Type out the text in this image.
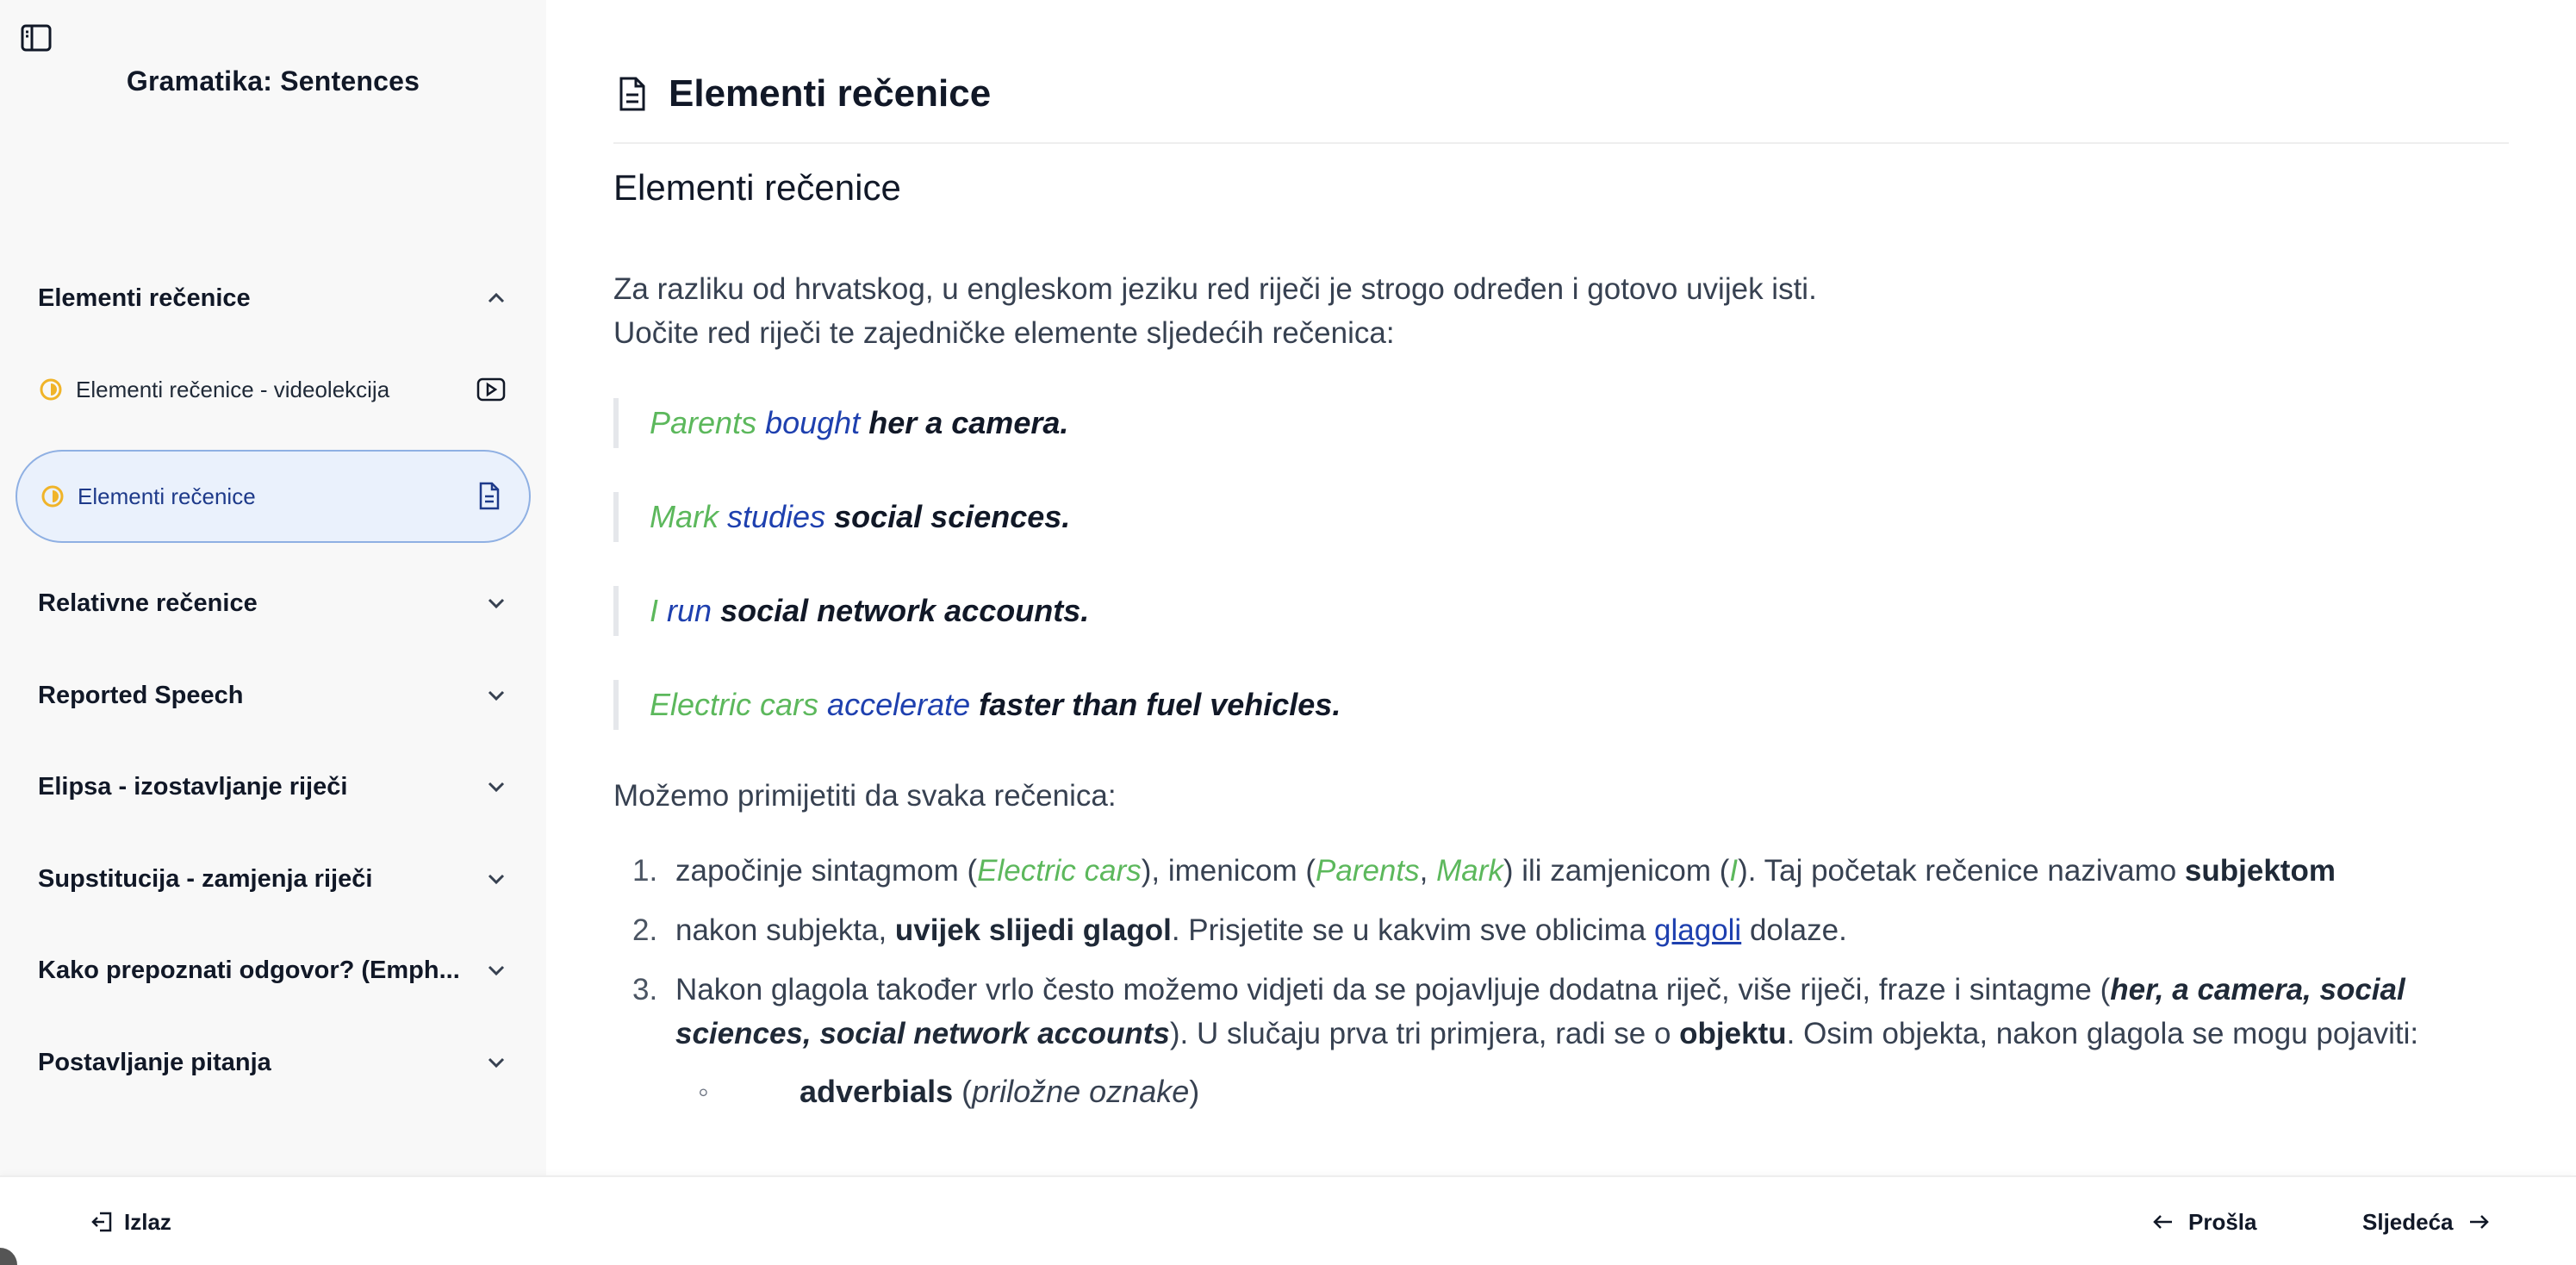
Gramatika: Sentences
Elementi rečenice
Elementi rečenice - videolekcija
Elementi rečenice
Relativne rečenice
Reported Speech
Elipsa - izostavljanje riječi
Supstitucija - zamjenja riječi
Kako prepoznati odgovor? (Emph...
Postavljanje pitanja
Elementi rečenice
Elementi rečenice

Za razliku od hrvatskog, u engleskom jeziku red riječi je strogo određen i gotovo uvijek isti.
Uočite red riječi te zajedničke elemente sljedećih rečenica:

Parents
bought
her a camera .
Mark
studies
social sciences .
I
run
social network accounts .
Electric cars
accelerate
faster than fuel vehicles .

Možemo primijetiti da svaka rečenica:

1. započinje sintagmom (Electric cars), imenicom (Parents, Mark) ili zamjenicom (I). Taj početak rečenice nazivamo subjektom
2. nakon subjekta, uvijek slijedi glagol. Prisjetite se u kakvim sve oblicima glagoli dolaze.
3. Nakon glagola također vrlo često možemo vidjeti da se pojavljuje dodatna riječ, više riječi, fraze i sintagme (her, a camera, social sciences, social network accounts). U slučaju prva tri primjera, radi se o objektu. Osim objekta, nakon glagola se mogu pojaviti:
◦ adverbials (priložne oznake)
Izlaz	Prošla	Sljedeća
